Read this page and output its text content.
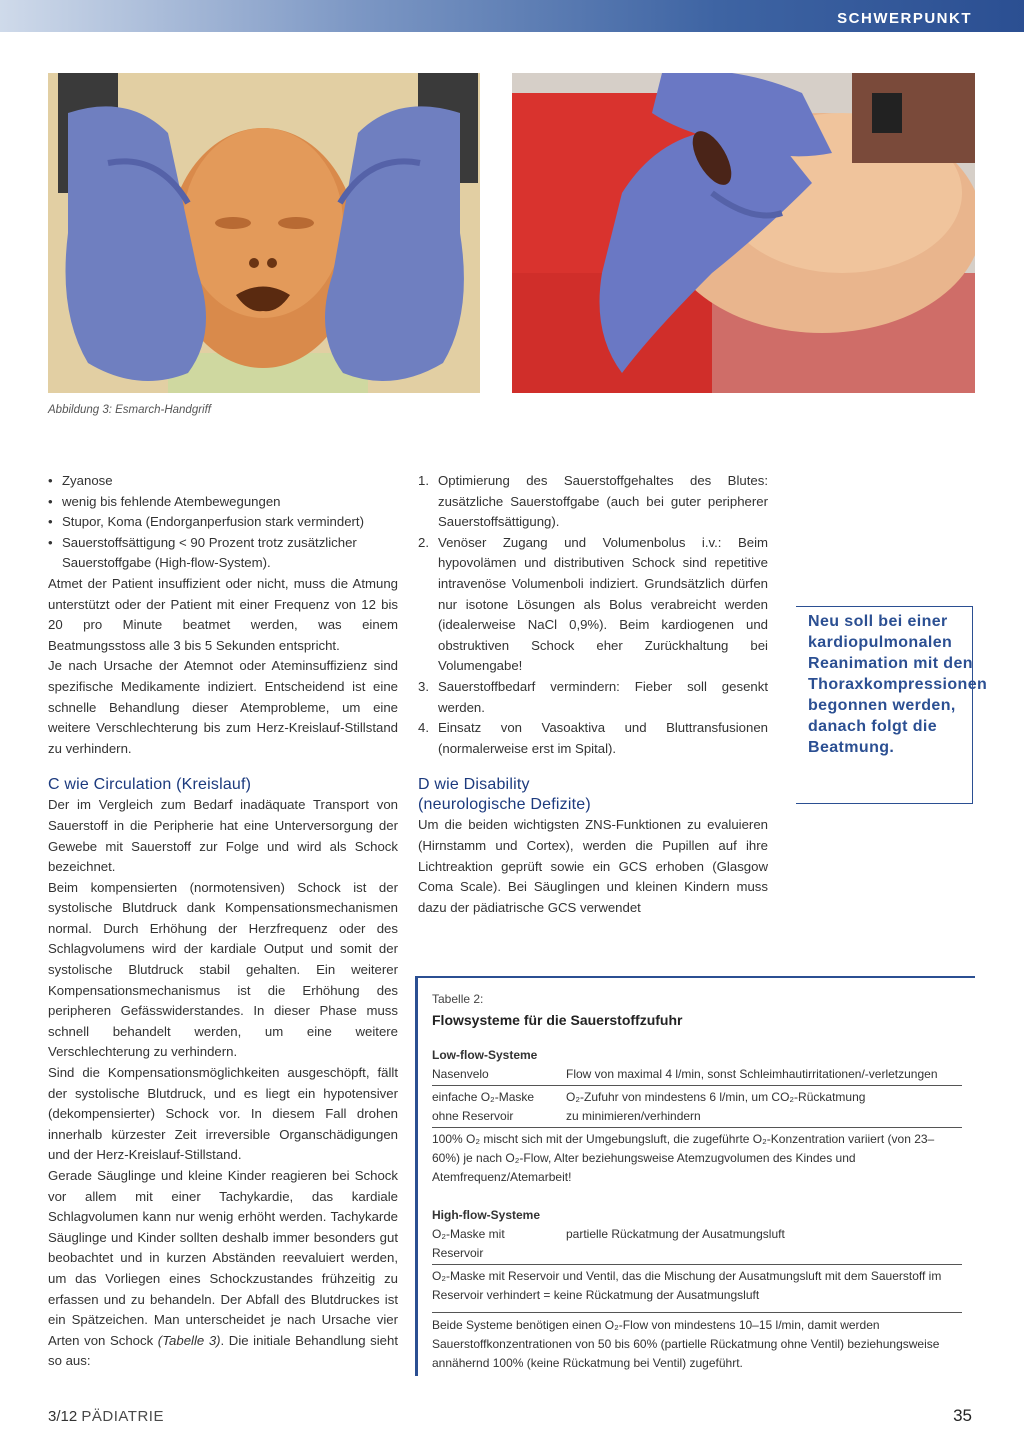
SCHWERPUNKT
Abbildung 3: Esmarch-Handgriff
• Zyanose
• wenig bis fehlende Atembewegungen
• Stupor, Koma (Endorganperfusion stark vermindert)
• Sauerstoffsättigung < 90 Prozent trotz zusätzlicher Sauerstoffgabe (High-flow-System).

Atmet der Patient insuffizient oder nicht, muss die Atmung unterstützt oder der Patient mit einer Frequenz von 12 bis 20 pro Minute beatmet werden, was einem Beatmungsstoss alle 3 bis 5 Sekunden entspricht.

Je nach Ursache der Atemnot oder Ateminsuffizienz sind spezifische Medikamente indiziert. Entscheidend ist eine schnelle Behandlung dieser Atemprobleme, um eine weitere Verschlechterung bis zum Herz-Kreislauf-Stillstand zu verhindern.

C wie Circulation (Kreislauf)

Der im Vergleich zum Bedarf inadäquate Transport von Sauerstoff in die Peripherie hat eine Unterversorgung der Gewebe mit Sauerstoff zur Folge und wird als Schock bezeichnet.

Beim kompensierten (normotensiven) Schock ist der systolische Blutdruck dank Kompensationsmechanismen normal. Durch Erhöhung der Herzfrequenz oder des Schlagvolumens wird der kardiale Output und somit der systolische Blutdruck stabil gehalten. Ein weiterer Kompensationsmechanismus ist die Erhöhung des peripheren Gefässwiderstandes. In dieser Phase muss schnell behandelt werden, um eine weitere Verschlechterung zu verhindern.

Sind die Kompensationsmöglichkeiten ausgeschöpft, fällt der systolische Blutdruck, und es liegt ein hypotensiver (dekompensierter) Schock vor. In diesem Fall drohen innerhalb kürzester Zeit irreversible Organschädigungen und der Herz-Kreislauf-Stillstand.

Gerade Säuglinge und kleine Kinder reagieren bei Schock vor allem mit einer Tachykardie, das kardiale Schlagvolumen kann nur wenig erhöht werden. Tachykarde Säuglinge und Kinder sollten deshalb immer besonders gut beobachtet und in kurzen Abständen reevaluiert werden, um das Vorliegen eines Schockzustandes frühzeitig zu erfassen und zu behandeln. Der Abfall des Blutdruckes ist ein Spätzeichen. Man unterscheidet je nach Ursache vier Arten von Schock (Tabelle 3). Die initiale Behandlung sieht so aus:

1. Optimierung des Sauerstoffgehaltes des Blutes: zusätzliche Sauerstoffgabe (auch bei guter peripherer Sauerstoffsättigung).
2. Venöser Zugang und Volumenbolus i.v.: Beim hypovolämen und distributiven Schock sind repetitive intravenöse Volumenboli indiziert. Grundsätzlich dürfen nur isotone Lösungen als Bolus verabreicht werden (idealerweise NaCl 0,9%). Beim kardiogenen und obstruktiven Schock eher Zurückhaltung bei Volumengabe!
3. Sauerstoffbedarf vermindern: Fieber soll gesenkt werden.
4. Einsatz von Vasoaktiva und Bluttransfusionen (normalerweise erst im Spital).
D wie Disability
(neurologische Defizite)

Um die beiden wichtigsten ZNS-Funktionen zu evaluieren (Hirnstamm und Cortex), werden die Pupillen auf ihre Lichtreaktion geprüft sowie ein GCS erhoben (Glasgow Coma Scale). Bei Säuglingen und kleinen Kindern muss dazu der pädiatrische GCS verwendet

Neu soll bei einer kardiopulmonalen Reanimation mit den Thoraxkompressionen begonnen werden, danach folgt die Beatmung.
Tabelle 2:
Flowsysteme für die Sauerstoffzufuhr
Low-flow-Systeme
Nasenvelo	Flow von maximal 4 l/min, sonst Schleimhautirritationen/-verletzungen
einfache O₂-Maske ohne Reservoir
O₂-Zufuhr von mindestens 6 l/min, um CO₂-Rückatmung zu minimieren/verhindern
100% O₂ mischt sich mit der Umgebungsluft, die zugeführte O₂-Konzentration variiert (von 23–60%) je nach O₂-Flow, Alter beziehungsweise Atemzugvolumen des Kindes und Atemfrequenz/Atemarbeit!
High-flow-Systeme
O₂-Maske mit Reservoir
partielle Rückatmung der Ausatmungsluft
O₂-Maske mit Reservoir und Ventil, das die Mischung der Ausatmungsluft mit dem Sauerstoff im Reservoir verhindert = keine Rückatmung der Ausatmungsluft
Beide Systeme benötigen einen O₂-Flow von mindestens 10–15 l/min, damit werden Sauerstoffkonzentrationen von 50 bis 60% (partielle Rückatmung ohne Ventil) beziehungsweise annähernd 100% (keine Rückatmung bei Ventil) zugeführt.
3/12 PÄDIATRIE	35
